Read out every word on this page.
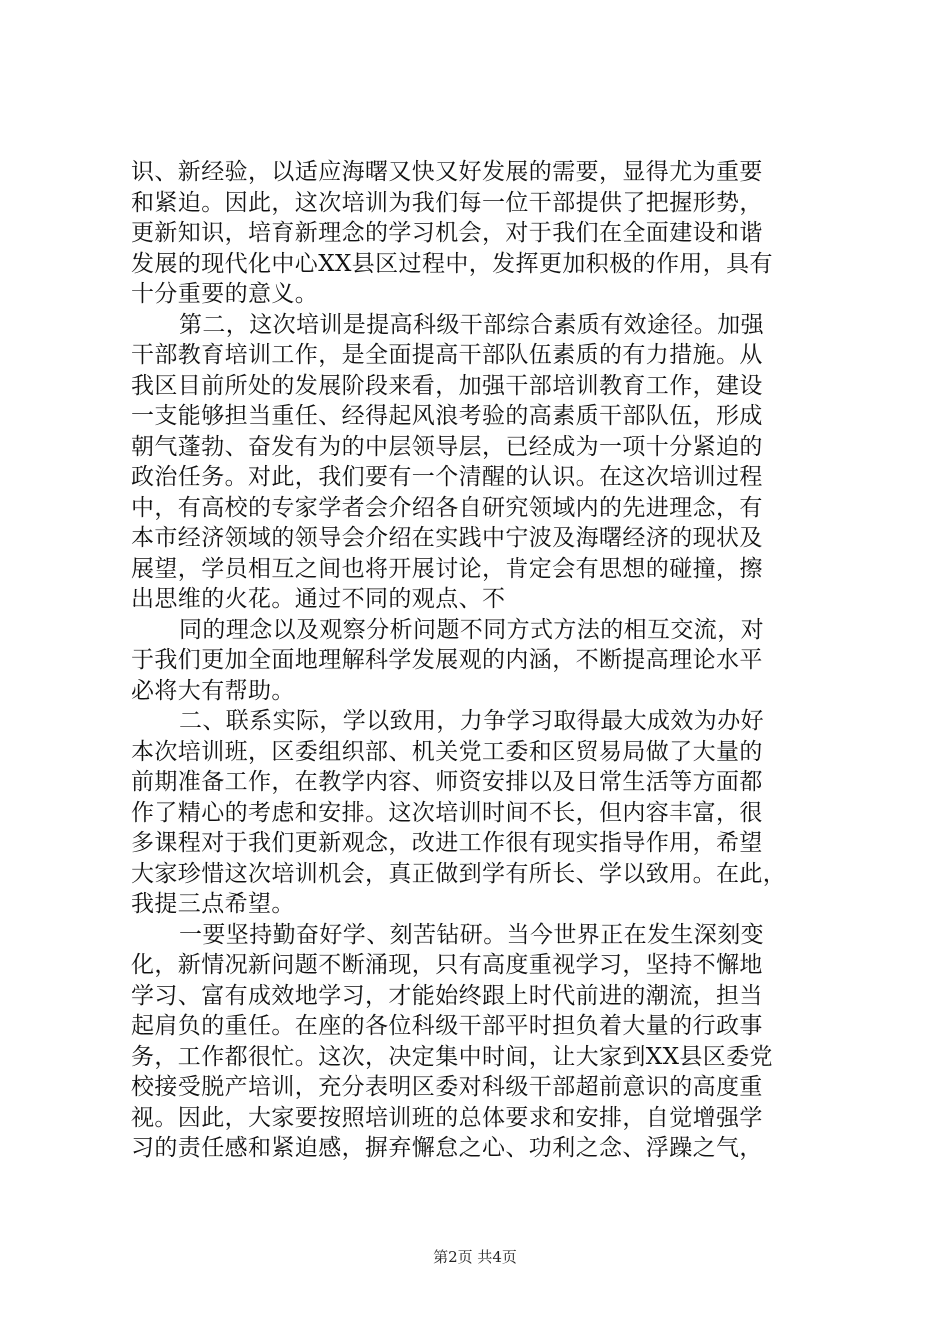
识、新经验，以适应海曙又快又好发展的需要，显得尤为重要
和紧迫。因此，这次培训为我们每一位干部提供了把握形势，
更新知识，培育新理念的学习机会，对于我们在全面建设和谐
发展的现代化中心XX县区过程中，发挥更加积极的作用，具有
十分重要的意义。
第二，这次培训是提高科级干部综合素质有效途径。加强
干部教育培训工作，是全面提高干部队伍素质的有力措施。从
我区目前所处的发展阶段来看，加强干部培训教育工作，建设
一支能够担当重任、经得起风浪考验的高素质干部队伍，形成
朝气蓬勃、奋发有为的中层领导层，已经成为一项十分紧迫的
政治任务。对此，我们要有一个清醒的认识。在这次培训过程
中，有高校的专家学者会介绍各自研究领域内的先进理念，有
本市经济领域的领导会介绍在实践中宁波及海曙经济的现状及
展望，学员相互之间也将开展讨论，肯定会有思想的碰撞，擦
出思维的火花。通过不同的观点、不
同的理念以及观察分析问题不同方式方法的相互交流，对
于我们更加全面地理解科学发展观的内涵，不断提高理论水平
必将大有帮助。
二、联系实际，学以致用，力争学习取得最大成效为办好
本次培训班，区委组织部、机关党工委和区贸易局做了大量的
前期准备工作，在教学内容、师资安排以及日常生活等方面都
作了精心的考虑和安排。这次培训时间不长，但内容丰富，很
多课程对于我们更新观念，改进工作很有现实指导作用，希望
大家珍惜这次培训机会，真正做到学有所长、学以致用。在此，
我提三点希望。
一要坚持勤奋好学、刻苦钻研。当今世界正在发生深刻变
化，新情况新问题不断涌现，只有高度重视学习，坚持不懈地
学习、富有成效地学习，才能始终跟上时代前进的潮流，担当
起肩负的重任。在座的各位科级干部平时担负着大量的行政事
务，工作都很忙。这次，决定集中时间，让大家到XX县区委党
校接受脱产培训，充分表明区委对科级干部超前意识的高度重
视。因此，大家要按照培训班的总体要求和安排，自觉增强学
习的责任感和紧迫感，摒弃懈怠之心、功利之念、浮躁之气，
第2页 共4页
